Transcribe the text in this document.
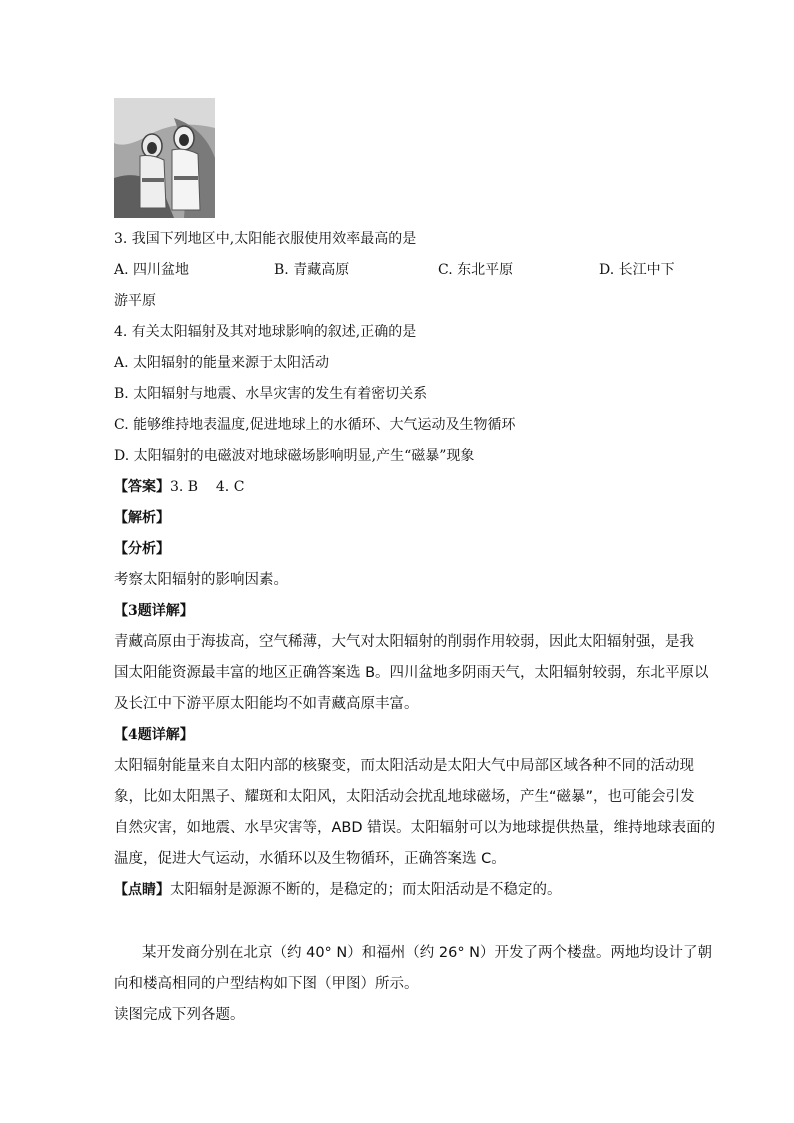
3. 我国下列地区中,太阳能衣服使用效率最高的是
A. 四川盆地	B. 青藏高原	C. 东北平原	D. 长江中下
游平原
4. 有关太阳辐射及其对地球影响的叙述,正确的是
A. 太阳辐射的能量来源于太阳活动
B. 太阳辐射与地震、水旱灾害的发生有着密切关系
C. 能够维持地表温度,促进地球上的水循环、大气运动及生物循环
D. 太阳辐射的电磁波对地球磁场影响明显,产生“磁暴”现象
【答案】3. B    4. C
【解析】
【分析】
考察太阳辐射的影响因素。
【3题详解】
青藏高原由于海拔高，空气稀薄，大气对太阳辐射的削弱作用较弱，因此太阳辐射强，是我
国太阳能资源最丰富的地区正确答案选 B。四川盆地多阴雨天气，太阳辐射较弱，东北平原以
及长江中下游平原太阳能均不如青藏高原丰富。
【4题详解】
太阳辐射能量来自太阳内部的核聚变，而太阳活动是太阳大气中局部区域各种不同的活动现
象，比如太阳黑子、耀斑和太阳风，太阳活动会扰乱地球磁场，产生“磁暴”，也可能会引发
自然灾害，如地震、水旱灾害等，ABD 错误。太阳辐射可以为地球提供热量，维持地球表面的
温度，促进大气运动，水循环以及生物循环，正确答案选 C。
【点睛】太阳辐射是源源不断的，是稳定的；而太阳活动是不稳定的。
某开发商分别在北京（约 40° N）和福州（约 26° N）开发了两个楼盘。两地均设计了朝
向和楼高相同的户型结构如下图（甲图）所示。
读图完成下列各题。
